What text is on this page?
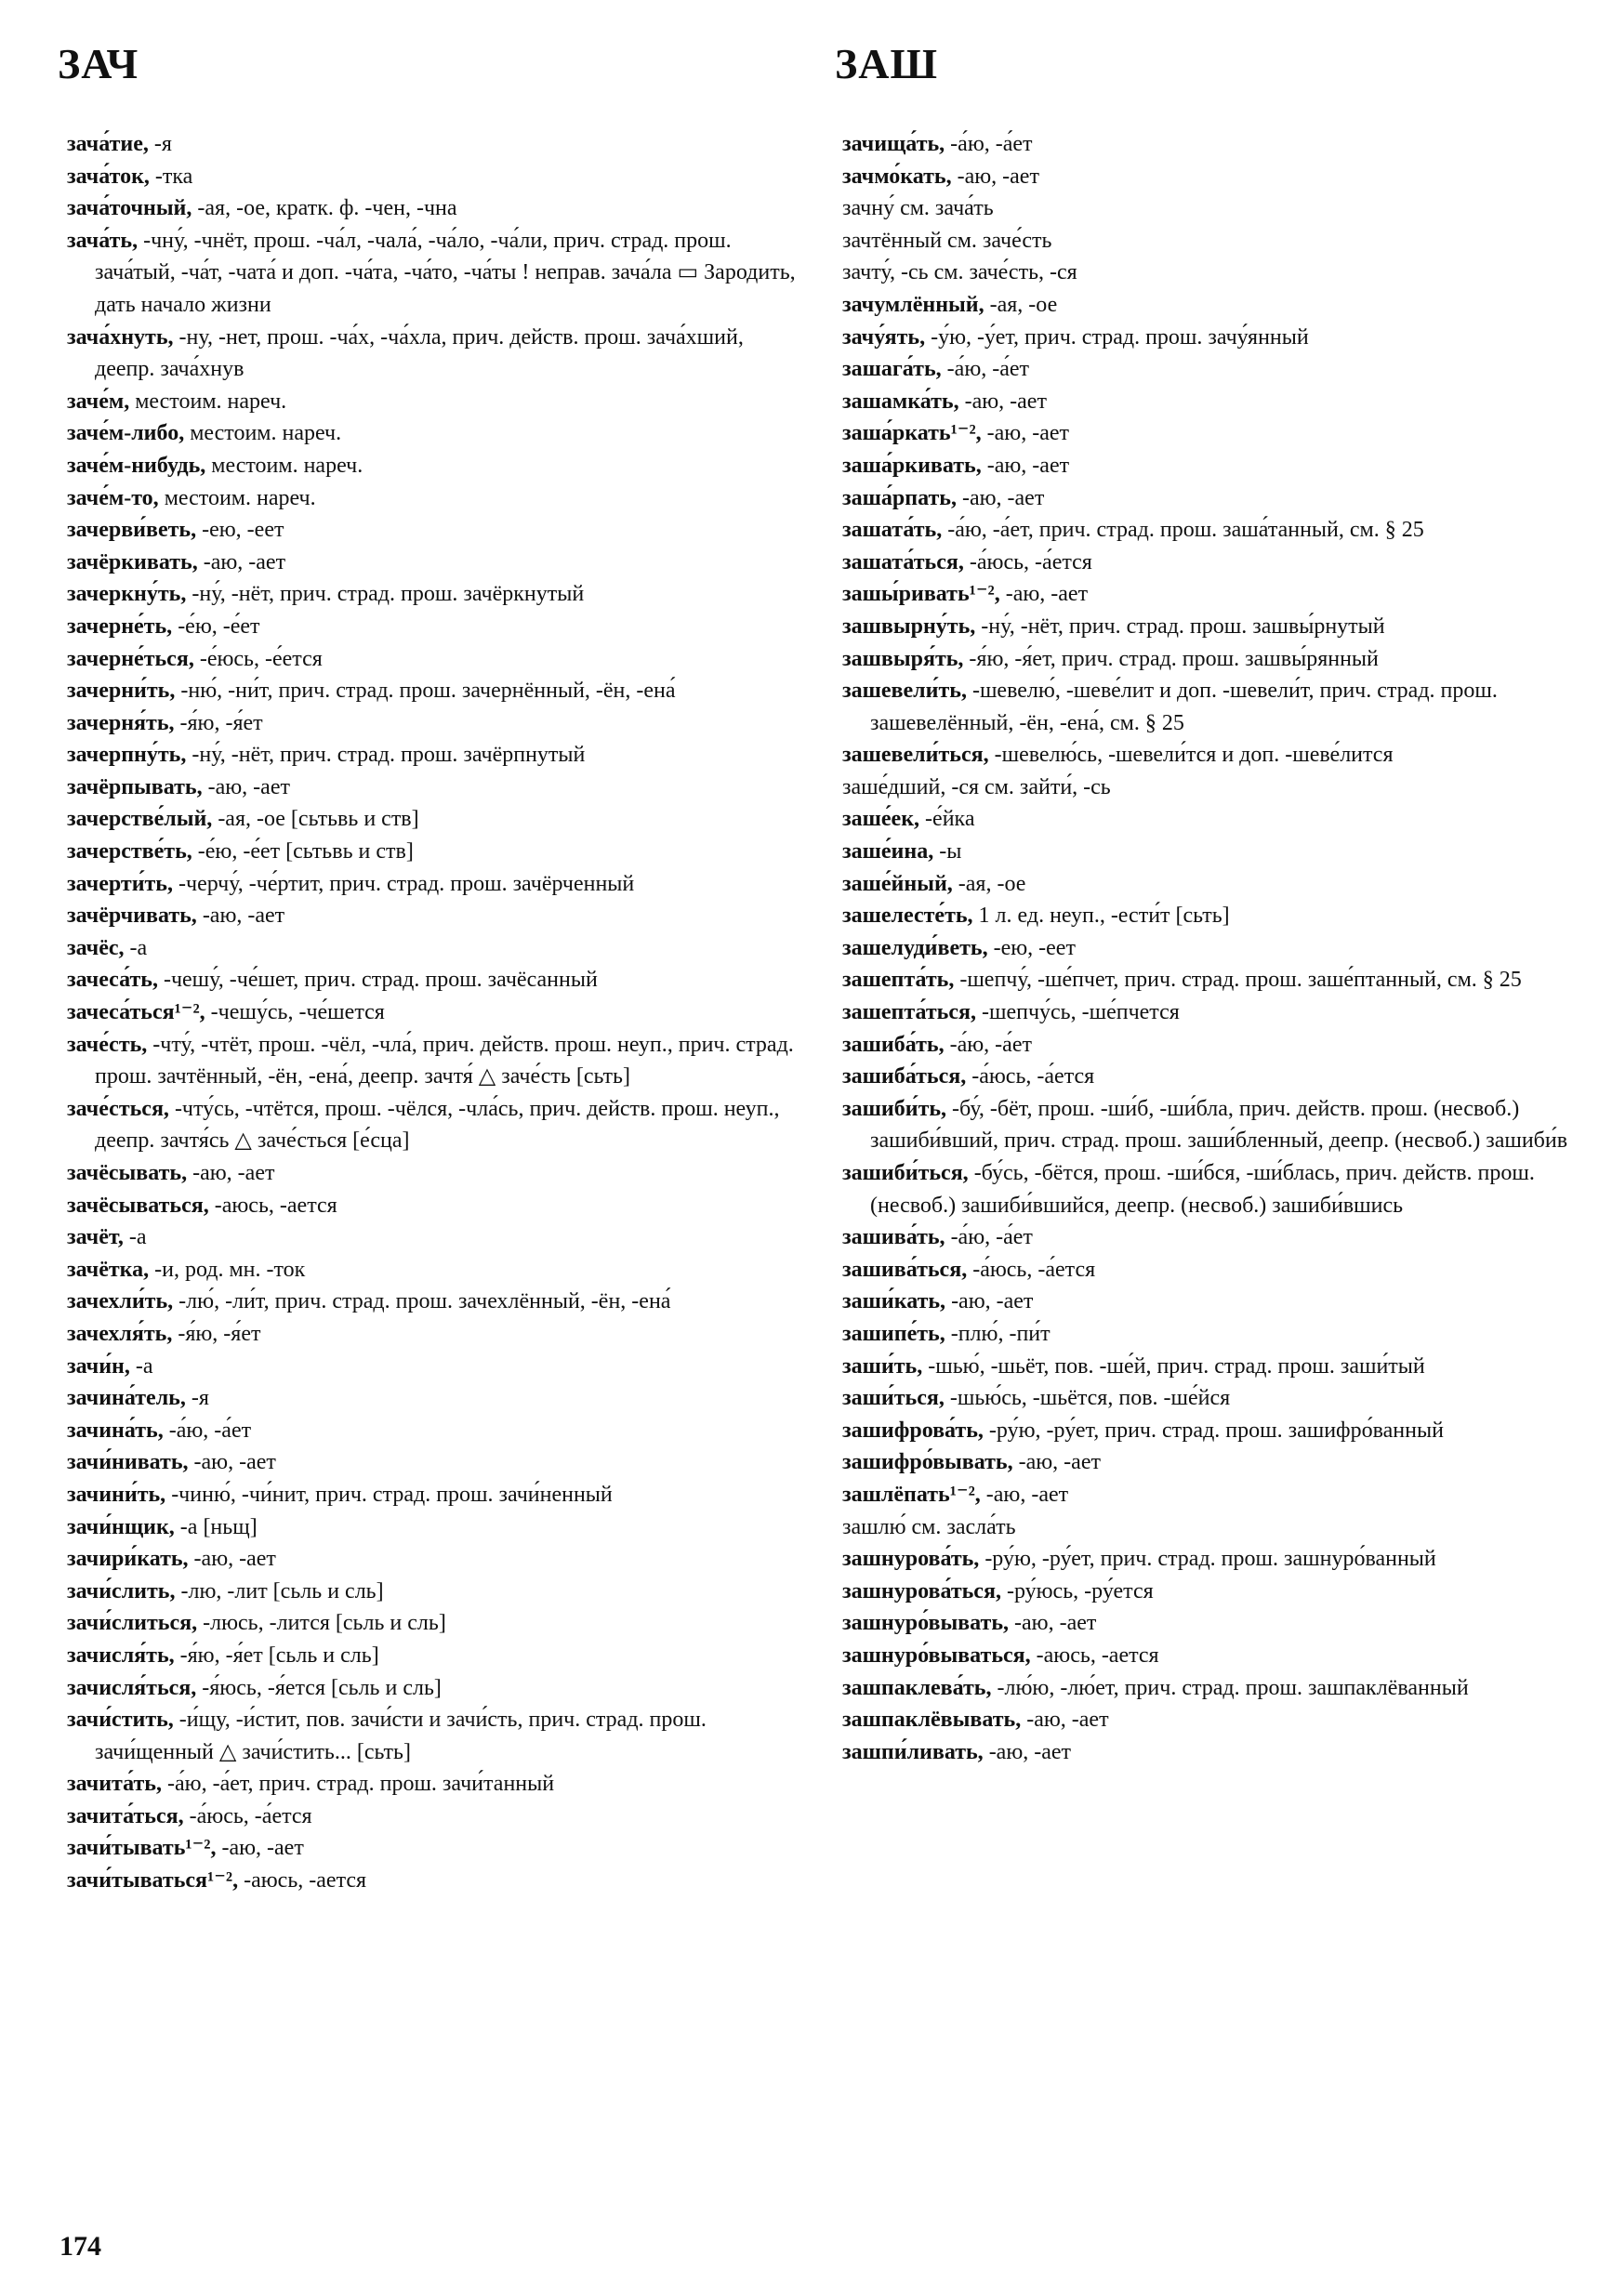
ЗАЧ	ЗАШ
зача́тие, -я
зача́ток, -тка
зача́точный, -ая, -ое, кратк. ф. -чен, -чна
зача́ть, -чну́, -чнёт, прош. -ча́л, -чала́, -ча́ло, -ча́ли, прич. страд. прош. зача́тый, -ча́т, -чата́ и доп. -ча́та, -ча́то, -ча́ты ! неправ. зача́ла ▭ Зародить, дать начало жизни
зача́хнуть, -ну, -нет, прош. -ча́х, -ча́хла, прич. действ. прош. зача́хший, деепр. зача́хнув
заче́м, местоим. нареч.
заче́м-либо, местоим. нареч.
заче́м-нибудь, местоим. нареч.
заче́м-то, местоим. нареч.
зачерви́веть, -ею, -еет
зачёркивать, -аю, -ает
зачеркну́ть, -ну́, -нёт, прич. страд. прош. зачёркнутый
зачерне́ть, -е́ю, -е́ет
зачерне́ться, -е́юсь, -е́ется
зачерни́ть, -ню́, -ни́т, прич. страд. прош. зачернённый, -ён, -ена́
зачерня́ть, -я́ю, -я́ет
зачерпну́ть, -ну́, -нёт, прич. страд. прош. зачёрпнутый
зачёрпывать, -аю, -ает
зачерстве́лый, -ая, -ое [сьтьвь и ств]
зачерстве́ть, -е́ю, -е́ет [сьтьвь и ств]
зачерти́ть, -черчу́, -че́ртит, прич. страд. прош. зачёрченный
зачёрчивать, -аю, -ает
зачёс, -а
зачеса́ть, -чешу́, -че́шет, прич. страд. прош. зачёсанный
зачеса́ться¹⁻², -чешу́сь, -че́шется
заче́сть, -чту́, -чтёт, прош. -чёл, -чла́, прич. действ. прош. неуп., прич. страд. прош. зачтённый, -ён, -ена́, деепр. зачтя́ △ заче́сть [сьть]
заче́сться, -чту́сь, -чтётся, прош. -чёлся, -чла́сь, прич. действ. прош. неуп., деепр. зачтя́сь △ заче́сться [е́сца]
зачёсывать, -аю, -ает
зачёсываться, -аюсь, -ается
зачёт, -а
зачётка, -и, род. мн. -ток
зачехли́ть, -лю́, -ли́т, прич. страд. прош. зачехлённый, -ён, -ена́
зачехля́ть, -я́ю, -я́ет
зачи́н, -а
зачина́тель, -я
зачина́ть, -а́ю, -а́ет
зачи́нивать, -аю, -ает
зачини́ть, -чиню́, -чи́нит, прич. страд. прош. зачи́ненный
зачи́нщик, -а [ньщ]
зачири́кать, -аю, -ает
зачи́слить, -лю, -лит [сьль и сль]
зачи́слиться, -люсь, -лится [сьль и сль]
зачисля́ть, -я́ю, -я́ет [сьль и сль]
зачисля́ться, -я́юсь, -я́ется [сьль и сль]
зачи́стить, -и́щу, -и́стит, пов. зачи́сти и зачи́сть, прич. страд. прош. зачи́щенный △ зачи́стить... [сьть]
зачита́ть, -а́ю, -а́ет, прич. страд. прош. зачи́танный
зачита́ться, -а́юсь, -а́ется
зачи́тывать¹⁻², -аю, -ает
зачи́тываться¹⁻², -аюсь, -ается
зачища́ть, -а́ю, -а́ет
зачмо́кать, -аю, -ает
зачну́ см. зача́ть
зачтённый см. заче́сть
зачту́, -сь см. заче́сть, -ся
зачумлённый, -ая, -ое
зачу́ять, -у́ю, -у́ет, прич. страд. прош. зачу́янный
зашага́ть, -а́ю, -а́ет
зашамка́ть, -аю, -ает
заша́ркать¹⁻², -аю, -ает
заша́ркивать, -аю, -ает
заша́рпать, -аю, -ает
зашата́ть, -а́ю, -а́ет, прич. страд. прош. заша́танный, см. § 25
зашата́ться, -а́юсь, -а́ется
зашы́ривать¹⁻², -аю, -ает
зашвырну́ть, -ну́, -нёт, прич. страд. прош. зашвы́рнутый
зашвыря́ть, -я́ю, -я́ет, прич. страд. прош. зашвы́рянный
зашевели́ть, -шевелю́, -шеве́лит и доп. -шевели́т, прич. страд. прош. зашевелённый, -ён, -ена́, см. § 25
зашевели́ться, -шевелю́сь, -шевели́тся и доп. -шеве́лится
заше́дший, -ся см. зайти́, -сь
заше́ек, -е́йка
заше́ина, -ы
заше́йный, -ая, -ое
зашелесте́ть, 1 л. ед. неуп., -ести́т [сьть]
зашелуди́веть, -ею, -еет
зашепта́ть, -шепчу́, -ше́пчет, прич. страд. прош. заше́птанный, см. § 25
зашепта́ться, -шепчу́сь, -ше́пчется
зашиба́ть, -а́ю, -а́ет
зашиба́ться, -а́юсь, -а́ется
зашиби́ть, -бу́, -бёт, прош. -ши́б, -ши́бла, прич. действ. прош. (несвоб.) зашиби́вший, прич. страд. прош. заши́бленный, деепр. (несвоб.) зашиби́в
зашиби́ться, -бу́сь, -бётся, прош. -ши́бся, -ши́блась, прич. действ. прош. (несвоб.) зашиби́вшийся, деепр. (несвоб.) зашиби́вшись
зашива́ть, -а́ю, -а́ет
зашива́ться, -а́юсь, -а́ется
заши́кать, -аю, -ает
зашипе́ть, -плю́, -пи́т
заши́ть, -шью́, -шьёт, пов. -ше́й, прич. страд. прош. заши́тый
заши́ться, -шью́сь, -шьётся, пов. -ше́йся
зашифрова́ть, -ру́ю, -ру́ет, прич. страд. прош. зашифро́ванный
зашифро́вывать, -аю, -ает
зашлёпать¹⁻², -аю, -ает
зашлю́ см. засла́ть
зашнурова́ть, -ру́ю, -ру́ет, прич. страд. прош. зашнуро́ванный
зашнурова́ться, -ру́юсь, -ру́ется
зашнуро́вывать, -аю, -ает
зашнуро́вываться, -аюсь, -ается
зашпаклева́ть, -лю́ю, -лю́ет, прич. страд. прош. зашпаклёванный
зашпаклёвывать, -аю, -ает
зашпи́ливать, -аю, -ает
174
